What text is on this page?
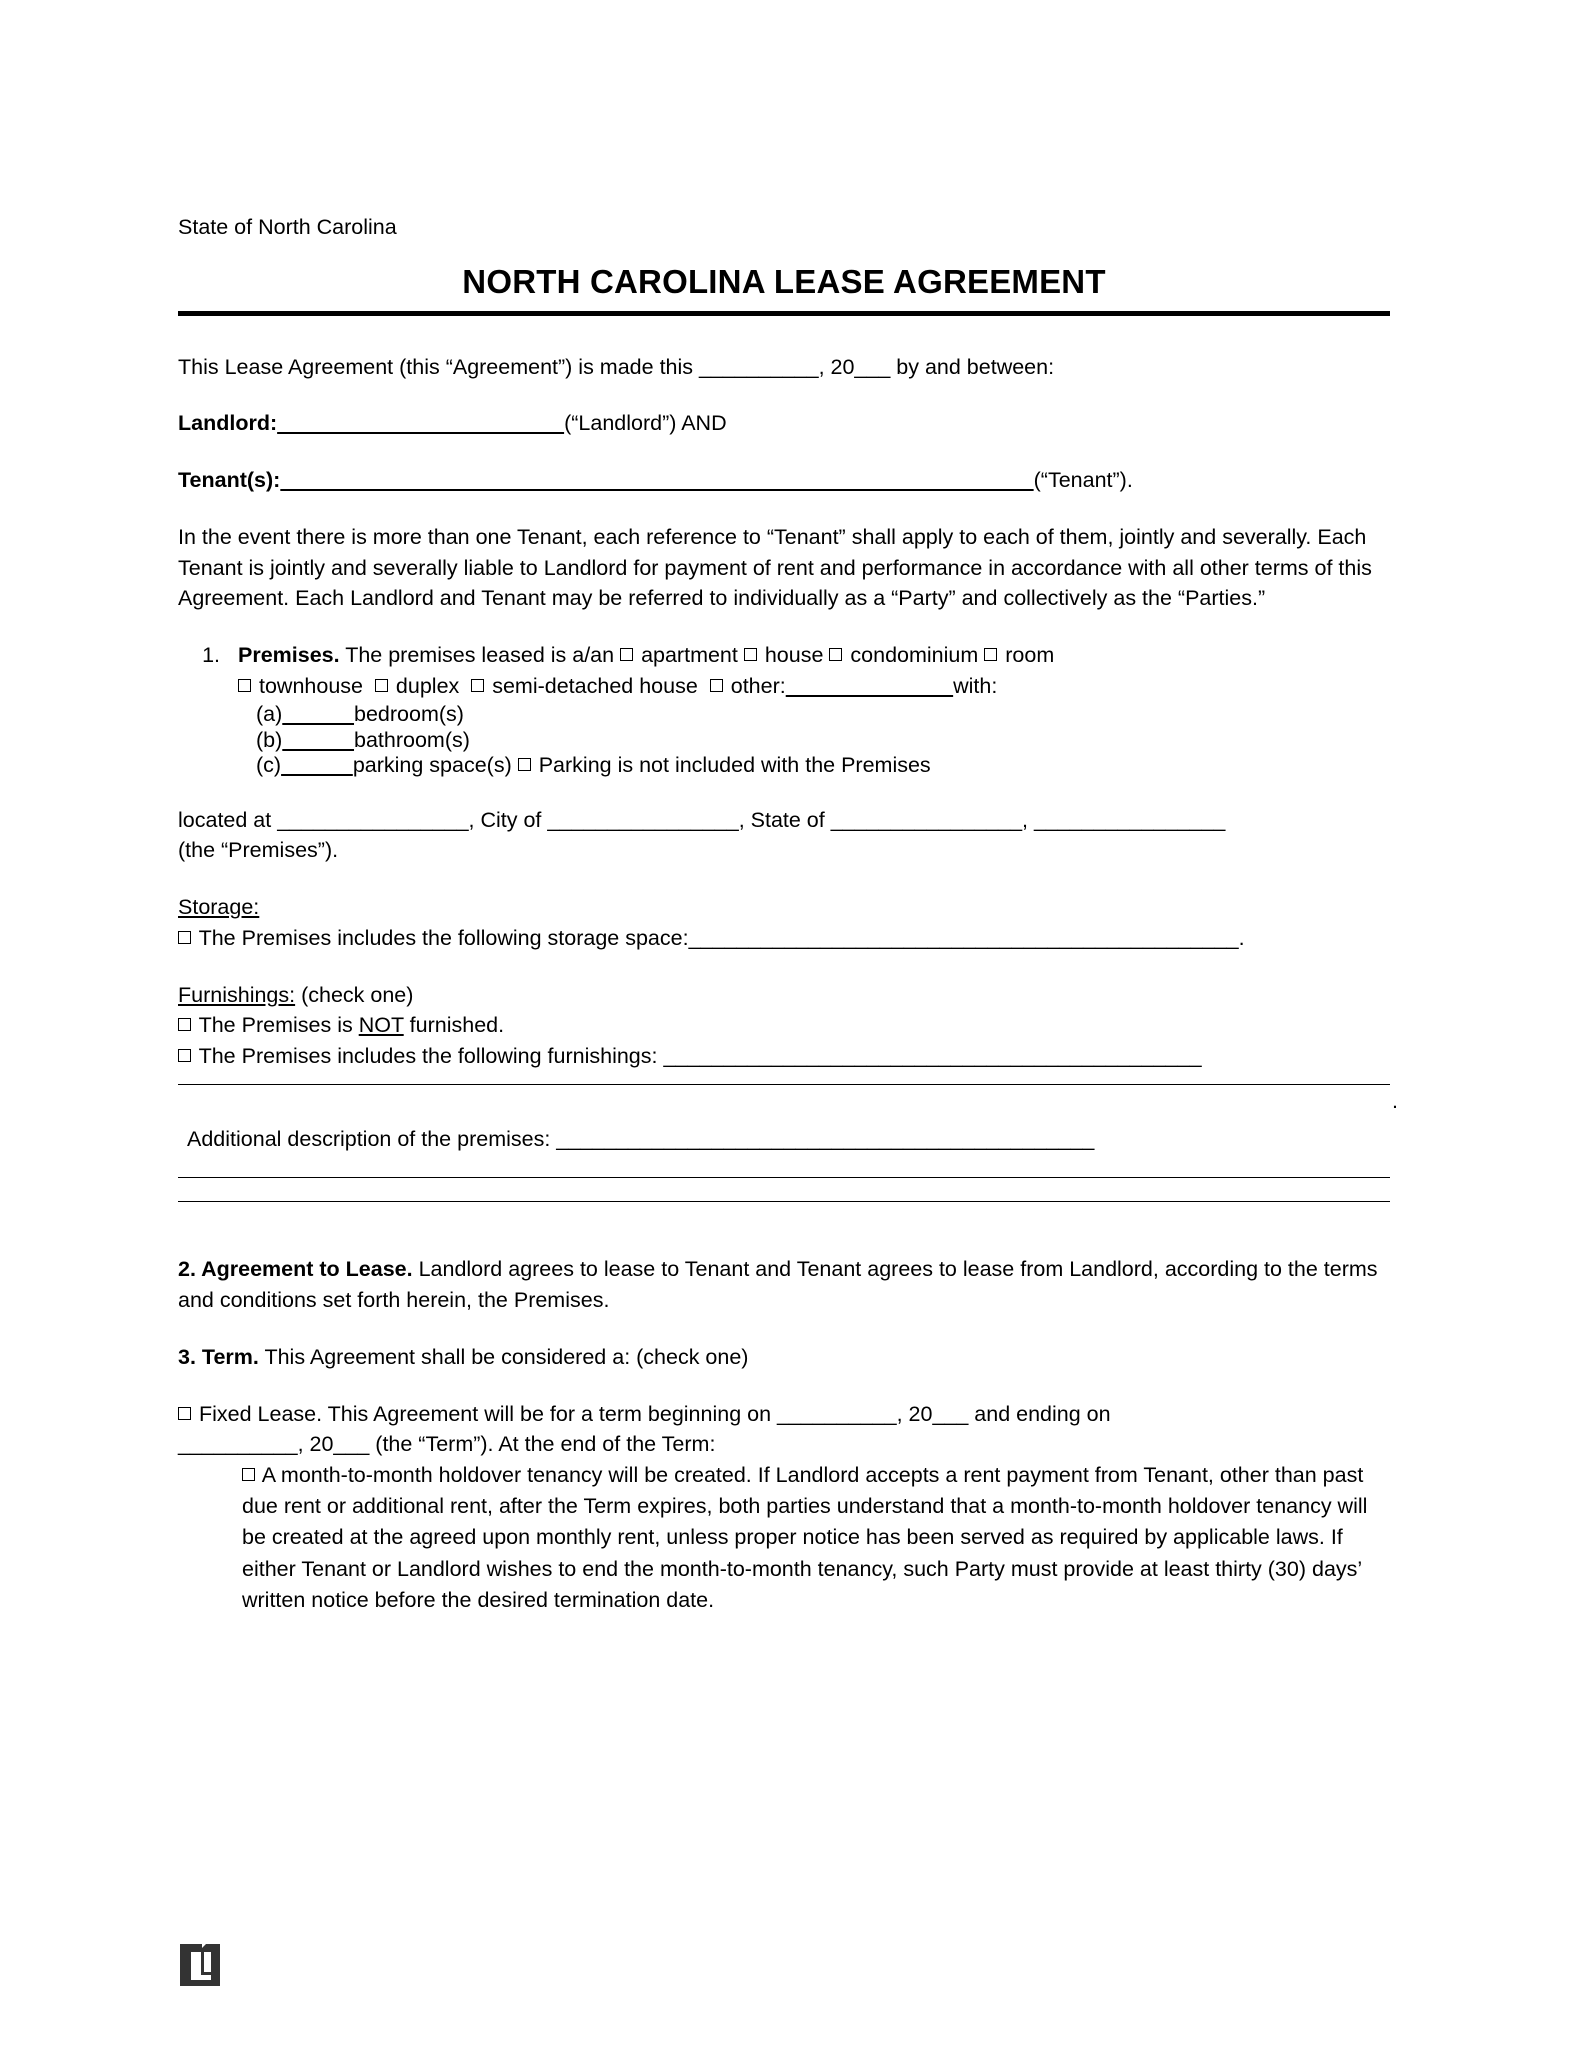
State of North Carolina
NORTH CAROLINA LEASE AGREEMENT

This Lease Agreement (this “Agreement”) is made this __________, 20___ by and between:

Landlord: _______________________ (“Landlord”) AND

Tenant(s): ______________________________________________________________ (“Tenant”).

In the event there is more than one Tenant, each reference to “Tenant” shall apply to each of them, jointly and severally. Each Tenant is jointly and severally liable to Landlord for payment of rent and performance in accordance with all other terms of this Agreement. Each Landlord and Tenant may be referred to individually as a “Party” and collectively as the “Parties.”

1. Premises. The premises leased is a/an apartment house condominium room
townhouse duplex semi-detached house other: _____________ with:
(a) _____ bedroom(s)
(b) _____ bathroom(s)
(c) _____ parking space(s) Parking is not included with the Premises

located at ________________, City of ________________, State of ________________, ________________
(the “Premises”).

Storage:
The Premises includes the following storage space:______________________________________________.

Furnishings: (check one)
The Premises is NOT furnished.
The Premises includes the following furnishings: _____________________________________________
.
Additional description of the premises: _____________________________________________

2. Agreement to Lease. Landlord agrees to lease to Tenant and Tenant agrees to lease from Landlord, according to the terms and conditions set forth herein, the Premises.

3. Term. This Agreement shall be considered a: (check one)

Fixed Lease. This Agreement will be for a term beginning on __________, 20___ and ending on
__________, 20___ (the “Term”). At the end of the Term:
A month-to-month holdover tenancy will be created. If Landlord accepts a rent payment from Tenant, other than past due rent or additional rent, after the Term expires, both parties understand that a month-to-month holdover tenancy will be created at the agreed upon monthly rent, unless proper notice has been served as required by applicable laws. If either Tenant or Landlord wishes to end the month-to-month tenancy, such Party must provide at least thirty (30) days’ written notice before the desired termination date.
